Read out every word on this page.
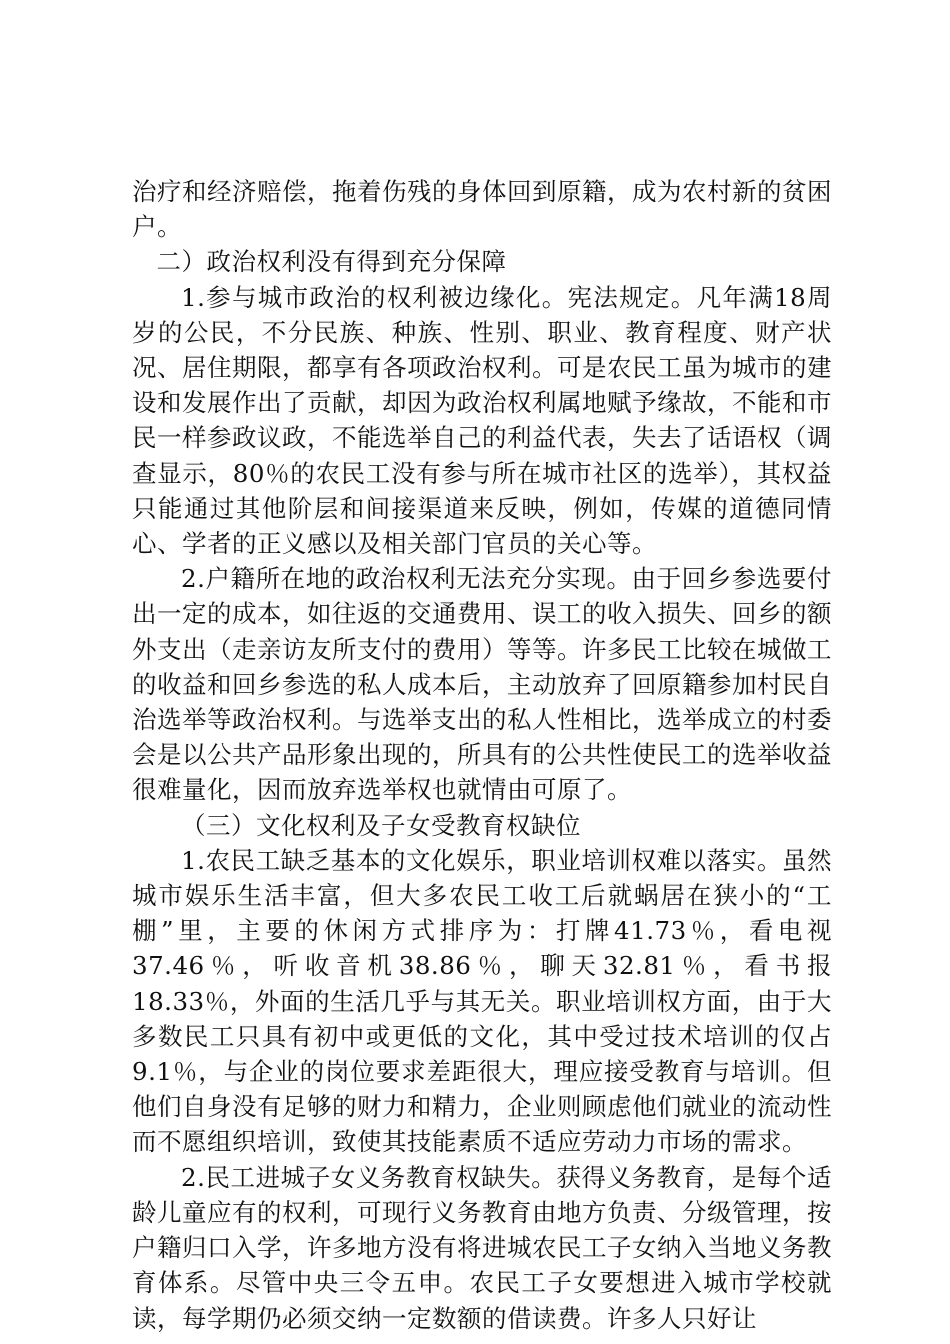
治疗和经济赔偿，拖着伤残的身体回到原籍，成为农村新的贫困户。

二）政治权利没有得到充分保障

1.参与城市政治的权利被边缘化。宪法规定。凡年满18周岁的公民，不分民族、种族、性别、职业、教育程度、财产状况、居住期限，都享有各项政治权利。可是农民工虽为城市的建设和发展作出了贡献，却因为政治权利属地赋予缘故，不能和市民一样参政议政，不能选举自己的利益代表，失去了话语权（调查显示，80％的农民工没有参与所在城市社区的选举），其权益只能通过其他阶层和间接渠道来反映，例如，传媒的道德同情心、学者的正义感以及相关部门官员的关心等。

2.户籍所在地的政治权利无法充分实现。由于回乡参选要付出一定的成本，如往返的交通费用、误工的收入损失、回乡的额外支出（走亲访友所支付的费用）等等。许多民工比较在城做工的收益和回乡参选的私人成本后，主动放弃了回原籍参加村民自治选举等政治权利。与选举支出的私人性相比，选举成立的村委会是以公共产品形象出现的，所具有的公共性使民工的选举收益很难量化，因而放弃选举权也就情由可原了。

（三）文化权利及子女受教育权缺位

1.农民工缺乏基本的文化娱乐，职业培训权难以落实。虽然城市娱乐生活丰富，但大多农民工收工后就蜗居在狭小的“工棚”里，主要的休闲方式排序为：打牌41.73％，看电视37.46％，听收音机38.86％，聊天32.81％，看书报18.33％，外面的生活几乎与其无关。职业培训权方面，由于大多数民工只具有初中或更低的文化，其中受过技术培训的仅占9.1％，与企业的岗位要求差距很大，理应接受教育与培训。但他们自身没有足够的财力和精力，企业则顾虑他们就业的流动性而不愿组织培训，致使其技能素质不适应劳动力市场的需求。

2.民工进城子女义务教育权缺失。获得义务教育，是每个适龄儿童应有的权利，可现行义务教育由地方负责、分级管理，按户籍归口入学，许多地方没有将进城农民工子女纳入当地义务教育体系。尽管中央三令五申。农民工子女要想进入城市学校就读，每学期仍必须交纳一定数额的借读费。许多人只好让
